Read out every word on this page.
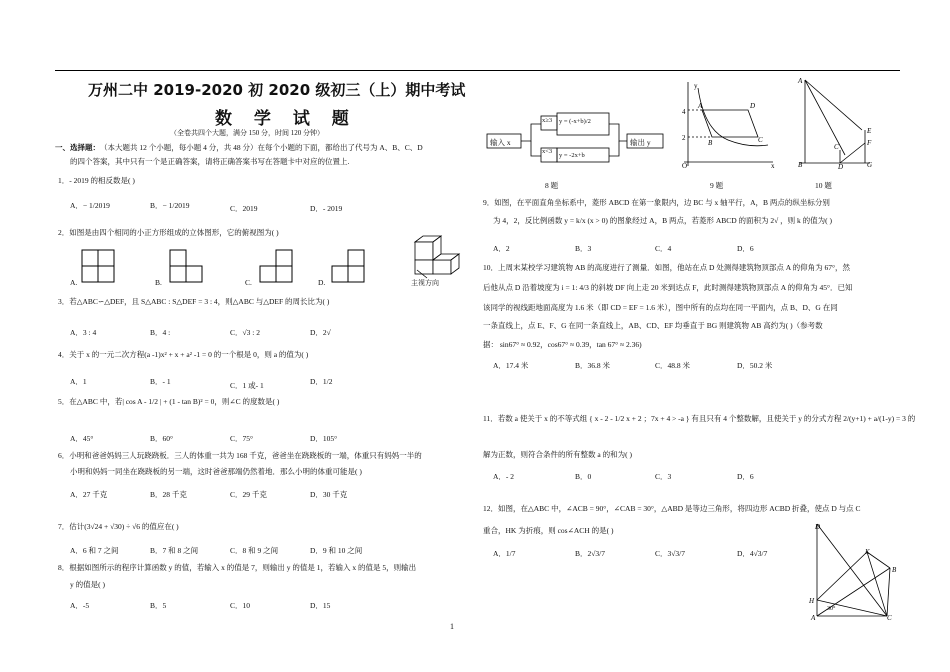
万州二中 2019-2020 初 2020 级初三（上）期中考试
数 学 试 题
（全卷共四个大题，满分 150 分，时间 120 分钟）
一、选择题： （本大题共 12 个小题，每小题 4 分，共 48 分）在每个小题的下面，都给出了代号为 A、B、C、D
的四个答案，其中只有一个是正确答案，请将正确答案书写在答题卡中对应的位置上.
1．- 2019 的相反数是( )
A．− 1/2019	B．− 1/2019	C．2019	D．- 2019
2．如图是由四个相同的小正方形组成的立体图形，它的俯视图为( )
A.	B.	C.	D.	主视方向
3．若△ABC∽△DEF，且 S△ABC : S△DEF = 3 : 4，则△ABC 与△DEF 的周长比为( )
A．3 : 4	B．4 :	C．√3 : 2	D．2√
4．关于 x 的一元二次方程(a -1)x² + x + a² -1 = 0 的一个根是 0，则 a 的值为( )
A．1	B．- 1	C．1 或- 1	D．1/2
5．在△ABC 中，若| cos A - 1/2 | + (1 - tan B)² = 0，则∠C 的度数是( )
A．45°	B．60°	C．75°	D．105°
6．小明和爸爸妈妈三人玩跷跷板．三人的体重一共为 168 千克，爸爸坐在跷跷板的一端，体重只有妈妈一半的
小明和妈妈一同坐在跷跷板的另一端，这时爸爸那端仍然着地．那么小明的体重可能是( )
A．27 千克	B．28 千克	C．29 千克	D．30 千克
7．估计(3√24 + √30) ÷ √6 的值应在( )
A．6 和 7 之间	B．7 和 8 之间	C．8 和 9 之间	D．9 和 10 之间
8．根据如图所示的程序计算函数 y 的值，若输入 x 的值是 7，则输出 y 的值是 1，若输入 x 的值是 5，则输出
y 的值是( )
A．-5	B．5	C．10	D．15
输入 x
x≥3
x<3
y = (-x+b)/2
y = -2x+b
输出 y
8 题
4
2
O
y
x
A	D
B	C
9 题
A
B
C
D
E
F
G
10 题
9．如图，在平面直角坐标系中，菱形 ABCD 在第一象限内，边 BC 与 x 轴平行，A，B 两点的纵坐标分别
为 4，2，反比例函数 y = k/x (x > 0) 的图象经过 A，B 两点，若菱形 ABCD 的面积为 2√ ，则 k 的值为( )
A．2	B．3	C．4	D．6
10．上周末某校学习建筑物 AB 的高度进行了测量．如图，他站在点 D 处测得建筑物顶部点 A 的仰角为 67°，然
后他从点 D 沿着坡度为 i = 1: 4/3 的斜坡 DF 向上走 20 米到达点 F，此时测得建筑物顶部点 A 的仰角为 45°．已知
该同学的视线距地面高度为 1.6 米（即 CD = EF = 1.6 米），图中所有的点均在同一平面内，点 B、D、G 在同
一条直线上，点 E、F、G 在同一条直线上，AB、CD、EF 均垂直于 BG 则建筑物 AB 高约为( )（参考数
据： sin67° ≈ 0.92，cos67° ≈ 0.39，tan 67° ≈ 2.36)
A．17.4 米	B．36.8 米	C．48.8 米	D．50.2 米
11．若数 a 使关于 x 的不等式组 { x - 2 - 1/2 x + 2 ；7x + 4 > -a } 有且只有 4 个整数解，且使关于 y 的分式方程 2/(y+1) + a/(1-y) = 3 的
解为正数，则符合条件的所有整数 a 的和为( )
A．- 2	B．0	C．3	D．6
12．如图，在△ABC 中，∠ACB = 90°，∠CAB = 30°，△ABD 是等边三角形，将四边形 ACBD 折叠，使点 D 与点 C
重合，HK 为折痕，则 cos∠ACH 的是( )
A．1/7	B．2√3/7	C．3√3/7	D．4√3/7
D
K
B
H
A	C
30°
1
